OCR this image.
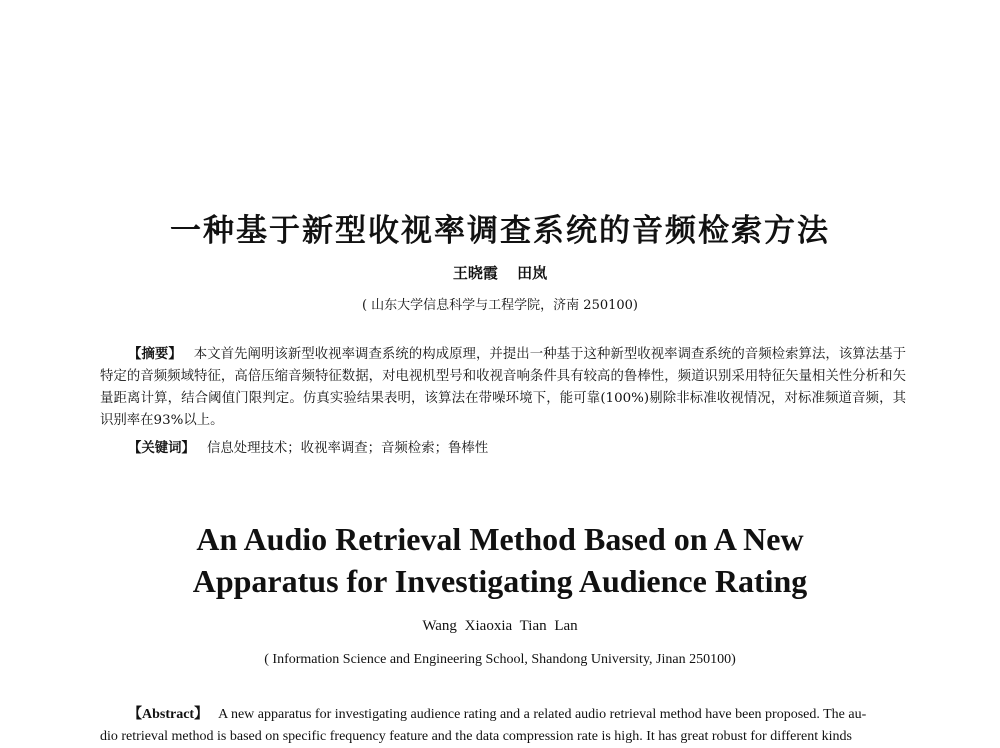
一种基于新型收视率调查系统的音频检索方法
王晓霞 田岚
( 山东大学信息科学与工程学院，济南 250100)
【摘要】 本文首先阐明该新型收视率调查系统的构成原理，并提出一种基于这种新型收视率调查系统的音频检索算法，该算法基于特定的音频频域特征，高倍压缩音频特征数据，对电视机型号和收视音响条件具有较高的鲁棒性，频道识别采用特征矢量相关性分析和矢量距离计算，结合阈值门限判定。仿真实验结果表明，该算法在带噪环境下，能可靠(100%)剔除非标准收视情况，对标准频道音频，其识别率在93%以上。
【关键词】 信息处理技术；收视率调查；音频检索；鲁棒性
An Audio Retrieval Method Based on A New
Apparatus for Investigating Audience Rating
Wang Xiaoxia Tian Lan
( Information Science and Engineering School, Shandong University, Jinan 250100)
【Abstract】 A new apparatus for investigating audience rating and a related audio retrieval method have been proposed. The au-
dio retrieval method is based on specific frequency feature and the data compression rate is high. It has great robust for different kinds
